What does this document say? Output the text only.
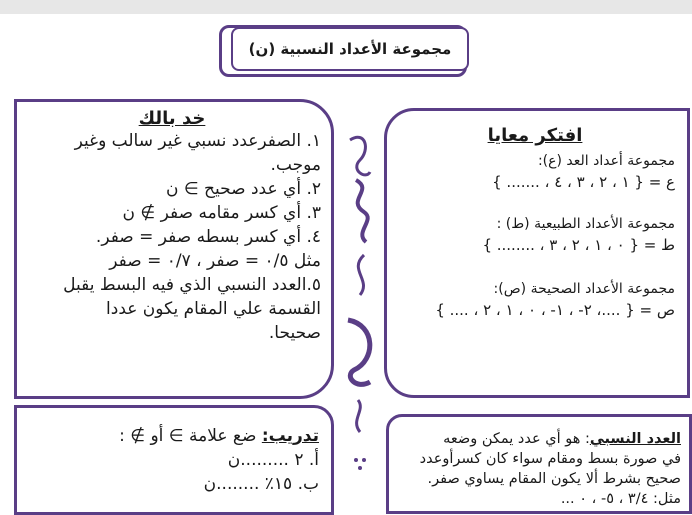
مجموعة الأعداد النسبية (ن)
افتكر معايا
مجموعة أعداد العد (ع):
ع = { ١ ، ٢ ، ٣ ، ٤ ، ....... }
مجموعة الأعداد الطبيعية (ط) :
ط = { ٠ ، ١ ، ٢ ، ٣ ، ........ }
مجموعة الأعداد الصحيحة (ص):
ص = { ....، ٢- ، ١- ، ٠ ، ١ ، ٢ ، .... }
خد بالك
١. الصفرعدد نسبي غير سالب وغير
موجب.
٢. أي عدد صحيح ∋ ن
٣. أي كسر مقامه صفر ∌ ن
٤. أي كسر بسطه صفر = صفر.
مثل ٠/٥ = صفر ، ٠/٧ = صفر
٥.العدد النسبي الذي فيه البسط يقبل
القسمة علي المقام يكون عددا
صحيحا.
تدريب: ضع علامة ∋ أو ∌ :
أ. ٢ .........ن
ب. ١٥٪ ........ن
العدد النسبي: هو أي عدد يمكن وضعه
في صورة بسط ومقام سواء كان كسرأوعدد
صحيح بشرط ألا يكون المقام يساوي صفر.
مثل: ٣/٤ ، ٥- ، ٠ ...
